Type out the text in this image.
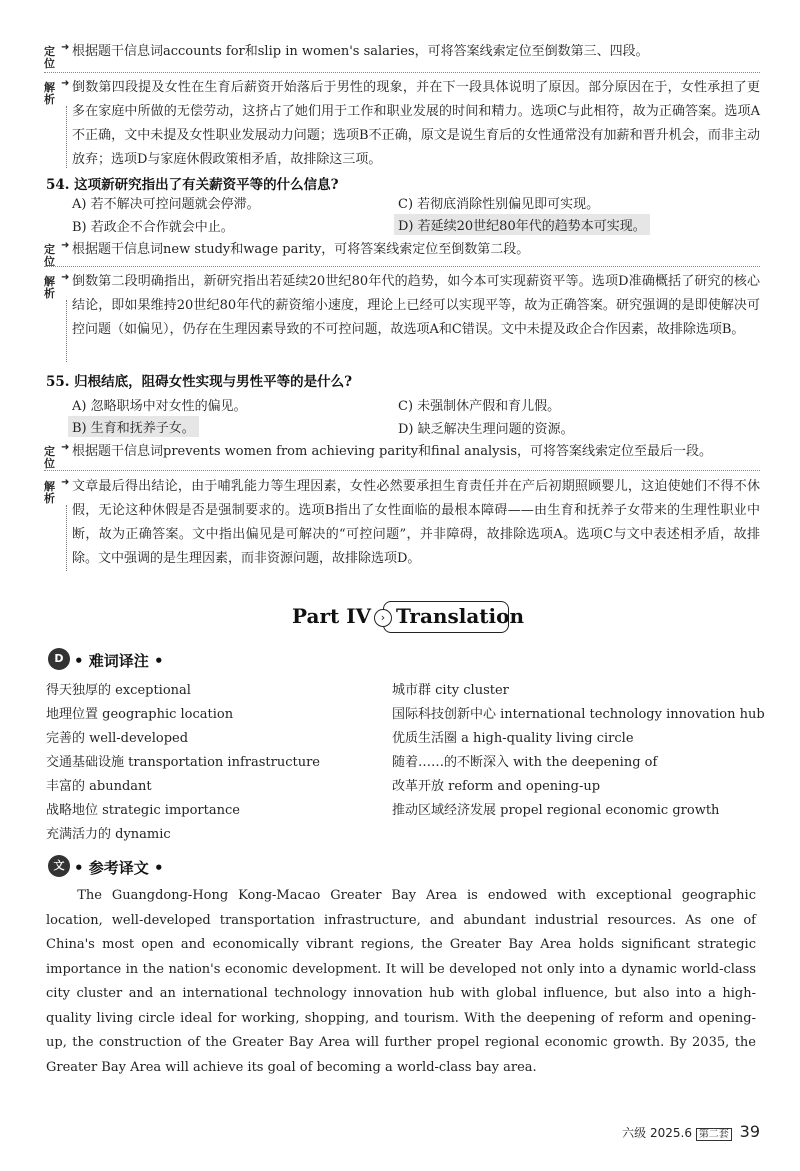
定位
➜ 根据题干信息词accounts for和slip in women's salaries，可将答案线索定位至倒数第三、四段。
解析
➜ 倒数第四段提及女性在生育后薪资开始落后于男性的现象，并在下一段具体说明了原因。部分原因在于，女性承担了更多在家庭中所做的无偿劳动，这挤占了她们用于工作和职业发展的时间和精力。选项C与此相符，故为正确答案。选项A不正确，文中未提及女性职业发展动力问题；选项B不正确，原文是说生育后的女性通常没有加薪和晋升机会，而非主动放弃；选项D与家庭休假政策相矛盾，故排除这三项。
54. 这项新研究指出了有关薪资平等的什么信息?
A) 若不解决可控问题就会停滞。	C) 若彻底消除性别偏见即可实现。
B) 若政企不合作就会中止。	D) 若延续20世纪80年代的趋势本可实现。
定位
➜ 根据题干信息词new study和wage parity，可将答案线索定位至倒数第二段。
解析
➜ 倒数第二段明确指出，新研究指出若延续20世纪80年代的趋势，如今本可实现薪资平等。选项D准确概括了研究的核心结论，即如果维持20世纪80年代的薪资缩小速度，理论上已经可以实现平等，故为正确答案。研究强调的是即使解决可控问题（如偏见），仍存在生理因素导致的不可控问题，故选项A和C错误。文中未提及政企合作因素，故排除选项B。
55. 归根结底，阻碍女性实现与男性平等的是什么?
A) 忽略职场中对女性的偏见。	C) 未强制休产假和育儿假。
B) 生育和抚养子女。	D) 缺乏解决生理问题的资源。
定位
➜ 根据题干信息词prevents women from achieving parity和final analysis，可将答案线索定位至最后一段。
解析
➜ 文章最后得出结论，由于哺乳能力等生理因素，女性必然要承担生育责任并在产后初期照顾婴儿，这迫使她们不得不休假，无论这种休假是否是强制要求的。选项B指出了女性面临的最根本障碍——由生育和抚养子女带来的生理性职业中断，故为正确答案。文中指出偏见是可解决的“可控问题”，并非障碍，故排除选项A。选项C与文中表述相矛盾，故排除。文中强调的是生理因素，而非资源问题，故排除选项D。
Part IV › Translation
D • 难词译注 •
得天独厚的 exceptional
地理位置 geographic location
完善的 well-developed
交通基础设施 transportation infrastructure
丰富的 abundant
战略地位 strategic importance
充满活力的 dynamic
城市群 city cluster
国际科技创新中心 international technology innovation hub
优质生活圈 a high-quality living circle
随着……的不断深入 with the deepening of
改革开放 reform and opening-up
推动区域经济发展 propel regional economic growth
文 • 参考译文 •
The Guangdong-Hong Kong-Macao Greater Bay Area is endowed with exceptional geographic location, well-developed transportation infrastructure, and abundant industrial resources. As one of China's most open and economically vibrant regions, the Greater Bay Area holds significant strategic importance in the nation's economic development. It will be developed not only into a dynamic world-class city cluster and an international technology innovation hub with global influence, but also into a high-quality living circle ideal for working, shopping, and tourism. With the deepening of reform and opening-up, the construction of the Greater Bay Area will further propel regional economic growth. By 2035, the Greater Bay Area will achieve its goal of becoming a world-class bay area.
六级 2025.6 第二套 39
